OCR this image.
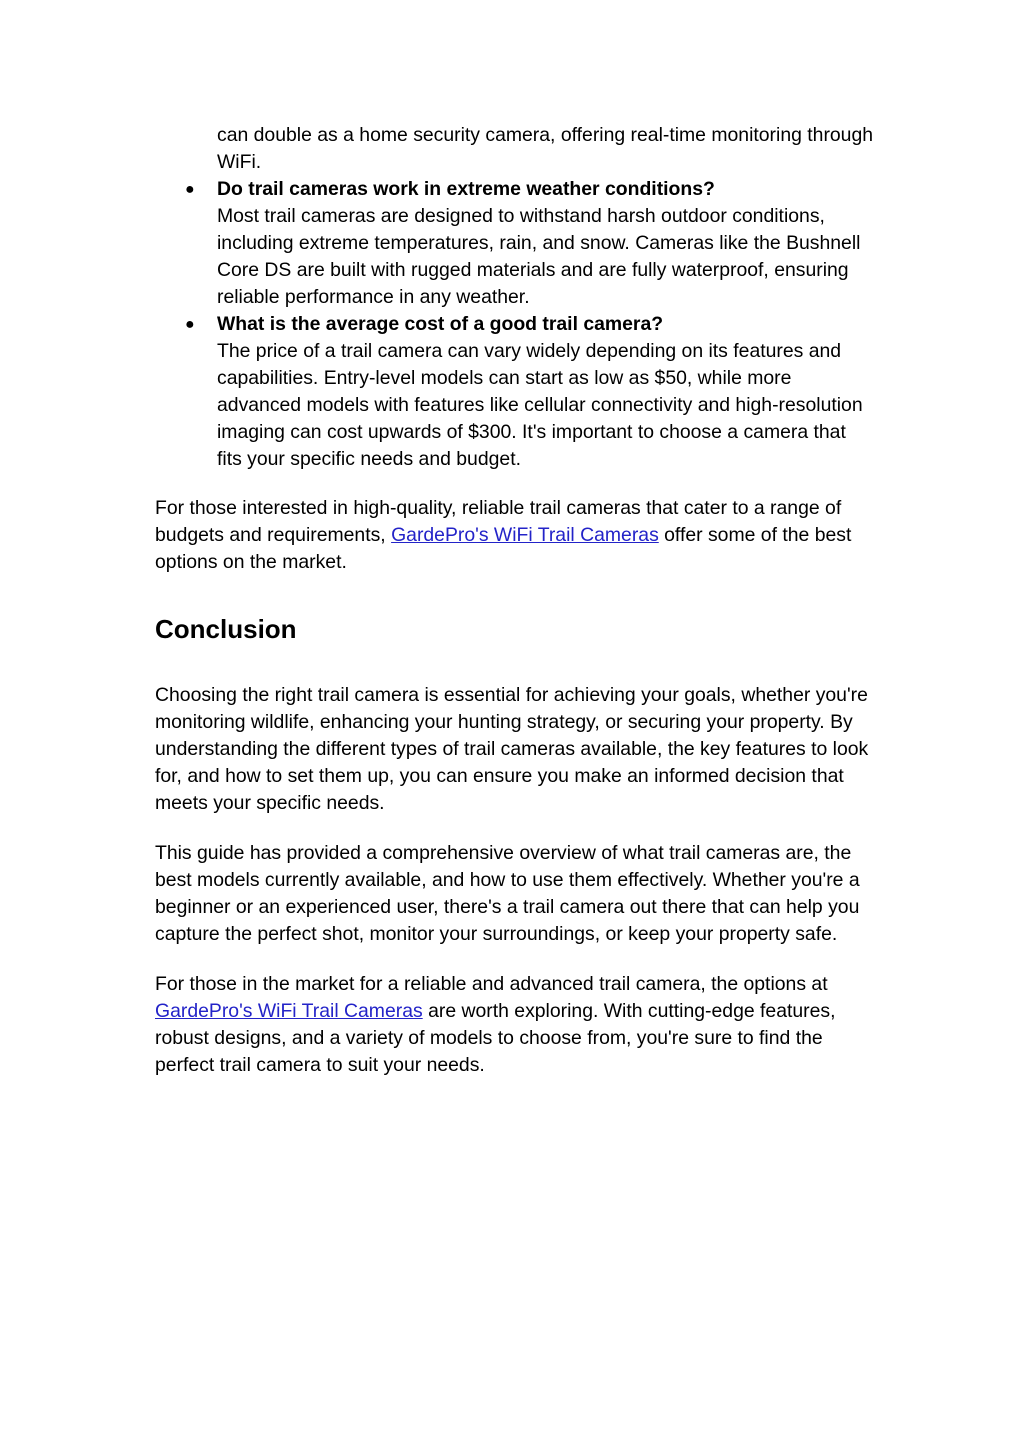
can double as a home security camera, offering real-time monitoring through WiFi.
● Do trail cameras work in extreme weather conditions?
Most trail cameras are designed to withstand harsh outdoor conditions, including extreme temperatures, rain, and snow. Cameras like the Bushnell Core DS are built with rugged materials and are fully waterproof, ensuring reliable performance in any weather.
● What is the average cost of a good trail camera?
The price of a trail camera can vary widely depending on its features and capabilities. Entry-level models can start as low as $50, while more advanced models with features like cellular connectivity and high-resolution imaging can cost upwards of $300. It's important to choose a camera that fits your specific needs and budget.

For those interested in high-quality, reliable trail cameras that cater to a range of budgets and requirements, GardePro's WiFi Trail Cameras offer some of the best options on the market.

Conclusion

Choosing the right trail camera is essential for achieving your goals, whether you're monitoring wildlife, enhancing your hunting strategy, or securing your property. By understanding the different types of trail cameras available, the key features to look for, and how to set them up, you can ensure you make an informed decision that meets your specific needs.

This guide has provided a comprehensive overview of what trail cameras are, the best models currently available, and how to use them effectively. Whether you're a beginner or an experienced user, there's a trail camera out there that can help you capture the perfect shot, monitor your surroundings, or keep your property safe.

For those in the market for a reliable and advanced trail camera, the options at GardePro's WiFi Trail Cameras are worth exploring. With cutting-edge features, robust designs, and a variety of models to choose from, you're sure to find the perfect trail camera to suit your needs.
